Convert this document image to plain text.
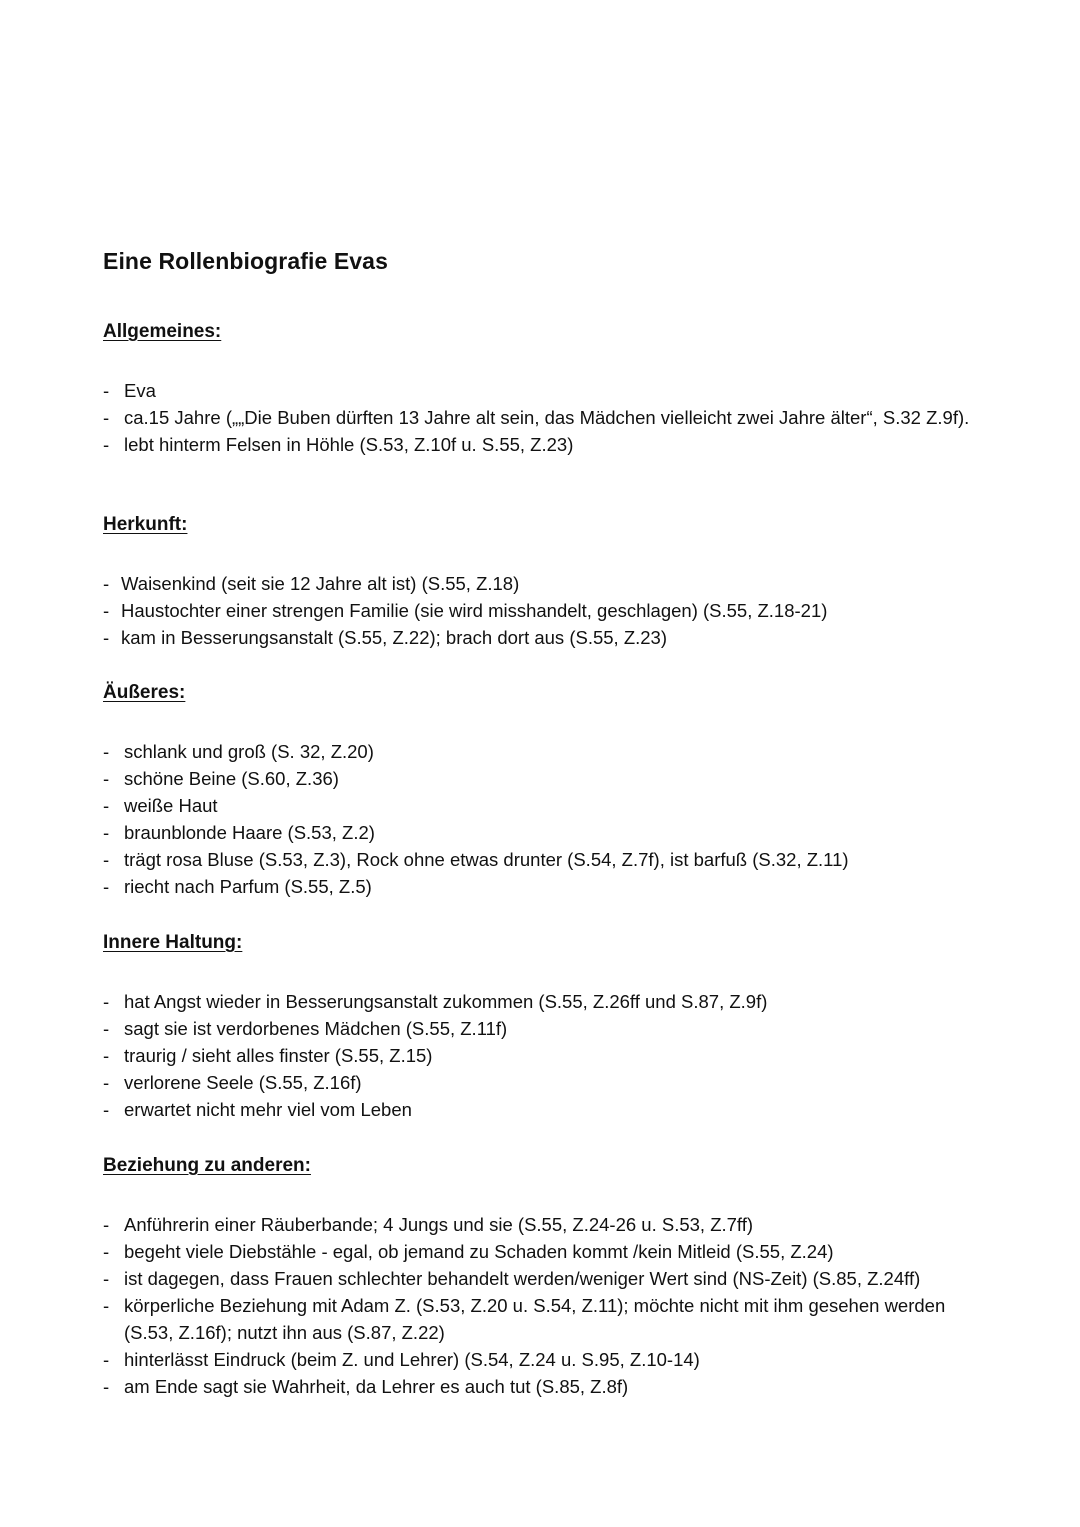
Eine Rollenbiografie Evas
Allgemeines:
- Eva
- ca.15 Jahre („„Die Buben dürften 13 Jahre alt sein, das Mädchen vielleicht zwei Jahre älter“, S.32 Z.9f).
- lebt hinterm Felsen in Höhle (S.53, Z.10f u. S.55, Z.23)
Herkunft:
- Waisenkind (seit sie 12 Jahre alt ist) (S.55, Z.18)
- Haustochter einer strengen Familie (sie wird misshandelt, geschlagen) (S.55, Z.18-21)
- kam in Besserungsanstalt (S.55, Z.22); brach dort aus (S.55, Z.23)
Äußeres:
- schlank und groß (S. 32, Z.20)
- schöne Beine (S.60, Z.36)
- weiße Haut
- braunblonde Haare (S.53, Z.2)
- trägt rosa Bluse (S.53, Z.3), Rock ohne etwas drunter (S.54, Z.7f), ist barfuß (S.32, Z.11)
- riecht nach Parfum (S.55, Z.5)
Innere Haltung:
- hat Angst wieder in Besserungsanstalt zukommen (S.55, Z.26ff und S.87, Z.9f)
- sagt sie ist verdorbenes Mädchen (S.55, Z.11f)
- traurig / sieht alles finster (S.55, Z.15)
- verlorene Seele (S.55, Z.16f)
- erwartet nicht mehr viel vom Leben
Beziehung zu anderen:
- Anführerin einer Räuberbande; 4 Jungs und sie (S.55, Z.24-26 u. S.53, Z.7ff)
- begeht viele Diebstähle - egal, ob jemand zu Schaden kommt /kein Mitleid (S.55, Z.24)
- ist dagegen, dass Frauen schlechter behandelt werden/weniger Wert sind (NS-Zeit) (S.85, Z.24ff)
- körperliche Beziehung mit Adam Z. (S.53, Z.20 u. S.54, Z.11); möchte nicht mit ihm gesehen werden (S.53, Z.16f); nutzt ihn aus (S.87, Z.22)
- hinterlässt Eindruck (beim Z. und Lehrer) (S.54, Z.24 u. S.95, Z.10-14)
- am Ende sagt sie Wahrheit, da Lehrer es auch tut (S.85, Z.8f)
